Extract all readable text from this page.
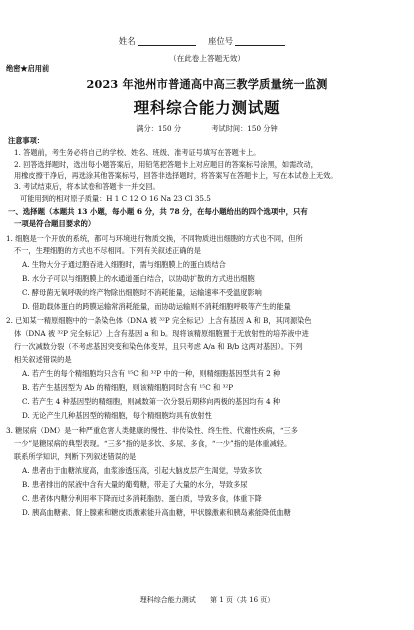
姓名	座位号
（在此卷上答题无效）
绝密★启用前
2023 年池州市普通高中高三教学质量统一监测
理科综合能力测试题
满分：150 分	考试时间：150 分钟
注意事项：
1. 答题前，考生务必将自己的学校、姓名、班级、准考证号填写在答题卡上。
2. 回答选择题时，选出每小题答案后，用铅笔把答题卡上对应题目的答案标号涂黑，如需改动，
用橡皮擦干净后，再选涂其他答案标号，回答非选择题时，将答案写在答题卡上，写在本试卷上无效。
3. 考试结束后，将本试卷和答题卡一并交回。
可能用到的相对原子质量：H 1 C 12 O 16 Na 23 Cl 35.5
一、选择题（本题共 13 小题，每小题 6 分，共 78 分，在每小题给出的四个选项中，只有
一项是符合题目要求的）
1. 细胞是一个开放的系统，都可与环境进行物质交换，不同物质进出细胞的方式也不同，但所
不一，生理细胞的方式也不尽相同。下列有关叙述正确的是
A. 生物大分子通过胞吞进入细胞时，需与细胞膜上的蛋白质结合
B. 水分子可以与细胞膜上的水通道蛋白结合，以协助扩散的方式进出细胞
C. 酵母菌无氧呼吸的终产物除出细胞时不消耗能量，运输速率不受温度影响
D. 借助载体蛋白的跨膜运输常消耗能量，而协助运输则不消耗细胞呼吸等产生的能量
2. 已知某一精原细胞中的一条染色体（DNA 被 ³²P 完全标记）上含有基因 A 和 B，其同源染色
体（DNA 被 ³²P 完全标记）上含有基因 a 和 b。现将该精原细胞置于无放射性的培养液中进
行一次减数分裂（不考虑基因突变和染色体变异，且只考虑 A/a 和 B/b 这两对基因）。下列
相关叙述错误的是
A. 若产生的每个精细胞均只含有 ¹⁵C 和 ³²P 中的一种，则精细胞基因型共有 2 种
B. 若产生基因型为 Ab 的精细胞，则该精细胞同时含有 ¹⁵C 和 ³²P
C. 若产生 4 种基因型的精细胞，则减数第一次分裂后期移向两极的基因均有 4 种
D. 无论产生几种基因型的精细胞，每个精细胞均具有放射性
3. 糖尿病（DM）是一种严重危害人类健康的慢性、非传染性、终生性、代谢性疾病，“三多
一少”是糖尿病的典型表现。“三多”指的是多饮、多尿、多食，“一少”指的是体重减轻。
联系所学知识，判断下列叙述错误的是
A. 患者由于血糖浓度高，血浆渗透压高，引起大脑皮层产生渴觉，导致多饮
B. 患者排出的尿液中含有大量的葡萄糖，带走了大量的水分，导致多尿
C. 患者体内糖分利用率下降而过多消耗脂肪、蛋白质，导致多食，体重下降
D. 胰高血糖素、肾上腺素和糖皮质激素能升高血糖，甲状腺激素和胰岛素能降低血糖
理科综合能力测试 第 1 页（共 16 页）
